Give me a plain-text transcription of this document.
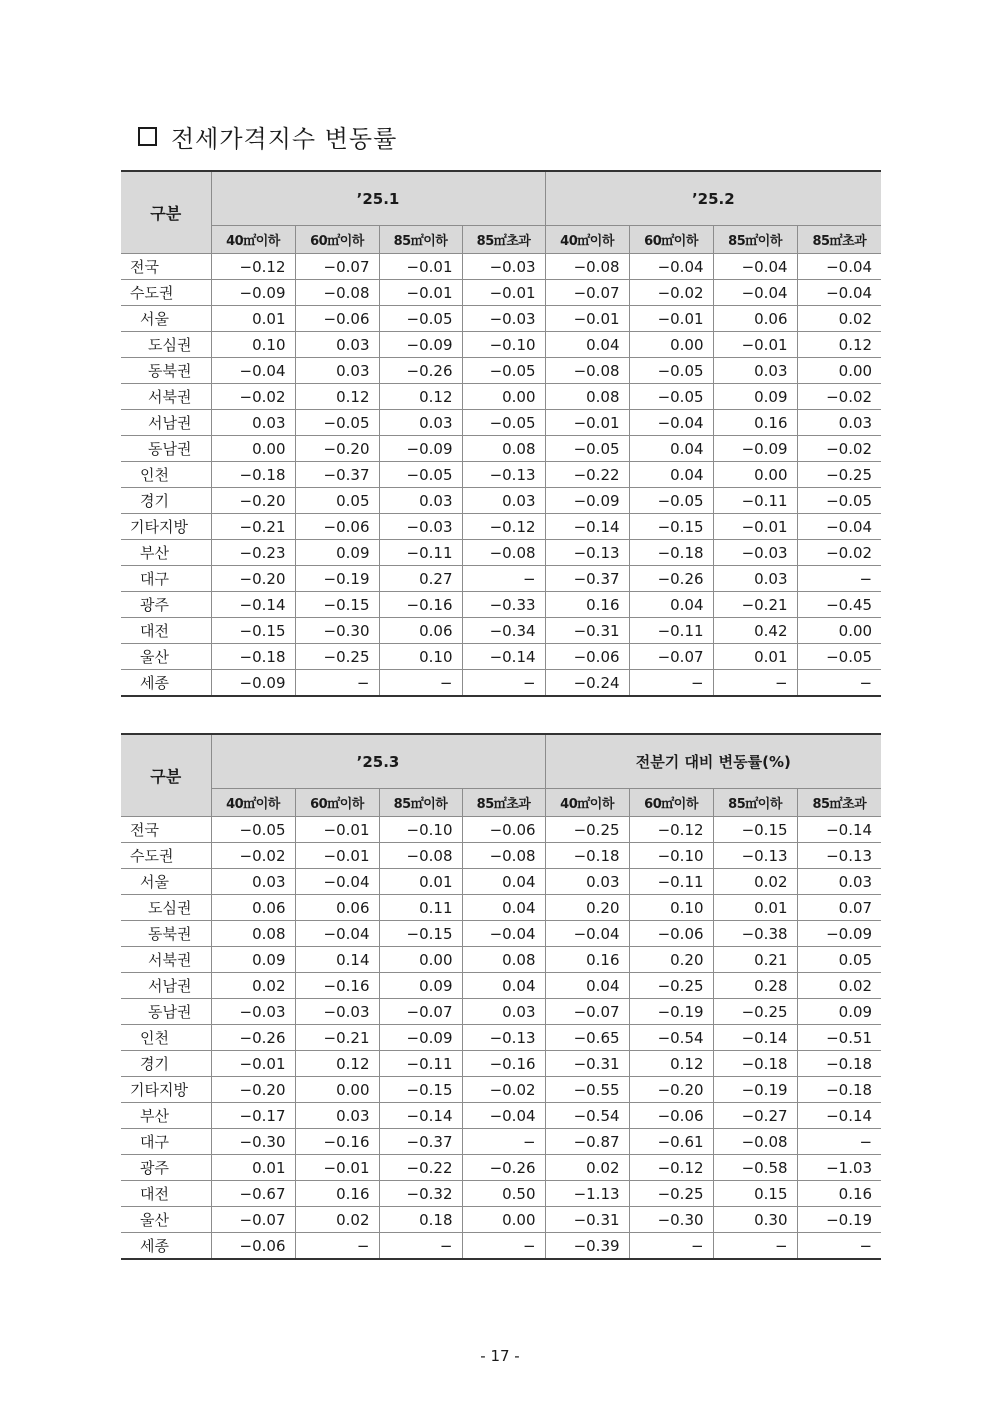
전세가격지수 변동률
구분	’25.1				’25.2			
	40㎡이하	60㎡이하	85㎡이하	85㎡초과	40㎡이하	60㎡이하	85㎡이하	85㎡초과
전국	−0.12	−0.07	−0.01	−0.03	−0.08	−0.04	−0.04	−0.04
수도권	−0.09	−0.08	−0.01	−0.01	−0.07	−0.02	−0.04	−0.04
서울	0.01	−0.06	−0.05	−0.03	−0.01	−0.01	0.06	0.02
도심권	0.10	0.03	−0.09	−0.10	0.04	0.00	−0.01	0.12
동북권	−0.04	0.03	−0.26	−0.05	−0.08	−0.05	0.03	0.00
서북권	−0.02	0.12	0.12	0.00	0.08	−0.05	0.09	−0.02
서남권	0.03	−0.05	0.03	−0.05	−0.01	−0.04	0.16	0.03
동남권	0.00	−0.20	−0.09	0.08	−0.05	0.04	−0.09	−0.02
인천	−0.18	−0.37	−0.05	−0.13	−0.22	0.04	0.00	−0.25
경기	−0.20	0.05	0.03	0.03	−0.09	−0.05	−0.11	−0.05
기타지방	−0.21	−0.06	−0.03	−0.12	−0.14	−0.15	−0.01	−0.04
부산	−0.23	0.09	−0.11	−0.08	−0.13	−0.18	−0.03	−0.02
대구	−0.20	−0.19	0.27	−	−0.37	−0.26	0.03	−
광주	−0.14	−0.15	−0.16	−0.33	0.16	0.04	−0.21	−0.45
대전	−0.15	−0.30	0.06	−0.34	−0.31	−0.11	0.42	0.00
울산	−0.18	−0.25	0.10	−0.14	−0.06	−0.07	0.01	−0.05
세종	−0.09	−	−	−	−0.24	−	−	−
구분	’25.3				전분기 대비 변동률(%)			
	40㎡이하	60㎡이하	85㎡이하	85㎡초과	40㎡이하	60㎡이하	85㎡이하	85㎡초과
전국	−0.05	−0.01	−0.10	−0.06	−0.25	−0.12	−0.15	−0.14
수도권	−0.02	−0.01	−0.08	−0.08	−0.18	−0.10	−0.13	−0.13
서울	0.03	−0.04	0.01	0.04	0.03	−0.11	0.02	0.03
도심권	0.06	0.06	0.11	0.04	0.20	0.10	0.01	0.07
동북권	0.08	−0.04	−0.15	−0.04	−0.04	−0.06	−0.38	−0.09
서북권	0.09	0.14	0.00	0.08	0.16	0.20	0.21	0.05
서남권	0.02	−0.16	0.09	0.04	0.04	−0.25	0.28	0.02
동남권	−0.03	−0.03	−0.07	0.03	−0.07	−0.19	−0.25	0.09
인천	−0.26	−0.21	−0.09	−0.13	−0.65	−0.54	−0.14	−0.51
경기	−0.01	0.12	−0.11	−0.16	−0.31	0.12	−0.18	−0.18
기타지방	−0.20	0.00	−0.15	−0.02	−0.55	−0.20	−0.19	−0.18
부산	−0.17	0.03	−0.14	−0.04	−0.54	−0.06	−0.27	−0.14
대구	−0.30	−0.16	−0.37	−	−0.87	−0.61	−0.08	−
광주	0.01	−0.01	−0.22	−0.26	0.02	−0.12	−0.58	−1.03
대전	−0.67	0.16	−0.32	0.50	−1.13	−0.25	0.15	0.16
울산	−0.07	0.02	0.18	0.00	−0.31	−0.30	0.30	−0.19
세종	−0.06	−	−	−	−0.39	−	−	−
- 17 -
